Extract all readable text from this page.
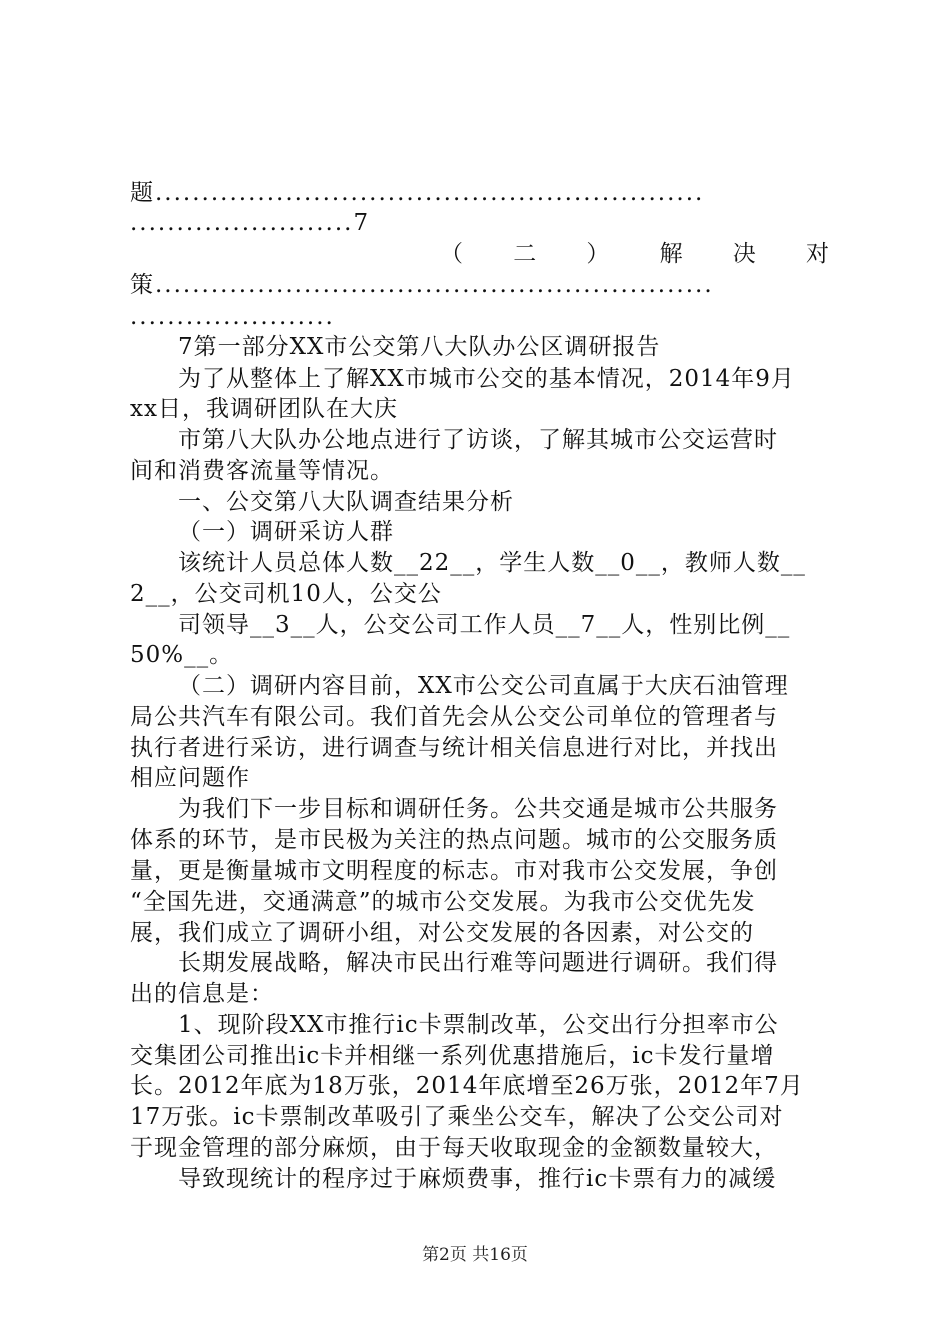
题...........................................................
........................7
（ 二 ） 解 决 对
策............................................................
......................
7第一部分XX市公交第八大队办公区调研报告
为了从整体上了解XX市城市公交的基本情况，2014年9月
xx日，我调研团队在大庆
市第八大队办公地点进行了访谈，了解其城市公交运营时
间和消费客流量等情况。
一、公交第八大队调查结果分析
（一）调研采访人群
该统计人员总体人数__22__，学生人数__0__，教师人数__
2__，公交司机10人，公交公
司领导__3__人，公交公司工作人员__7__人，性别比例__
50%__。
（二）调研内容目前，XX市公交公司直属于大庆石油管理
局公共汽车有限公司。我们首先会从公交公司单位的管理者与
执行者进行采访，进行调查与统计相关信息进行对比，并找出
相应问题作
为我们下一步目标和调研任务。公共交通是城市公共服务
体系的环节，是市民极为关注的热点问题。城市的公交服务质
量，更是衡量城市文明程度的标志。市对我市公交发展，争创
“全国先进，交通满意”的城市公交发展。为我市公交优先发
展，我们成立了调研小组，对公交发展的各因素，对公交的
长期发展战略，解决市民出行难等问题进行调研。我们得
出的信息是：
1、现阶段XX市推行ic卡票制改革，公交出行分担率市公
交集团公司推出ic卡并相继一系列优惠措施后，ic卡发行量增
长。2012年底为18万张，2014年底增至26万张，2012年7月
17万张。ic卡票制改革吸引了乘坐公交车，解决了公交公司对
于现金管理的部分麻烦，由于每天收取现金的金额数量较大，
导致现统计的程序过于麻烦费事，推行ic卡票有力的减缓
第2页 共16页
